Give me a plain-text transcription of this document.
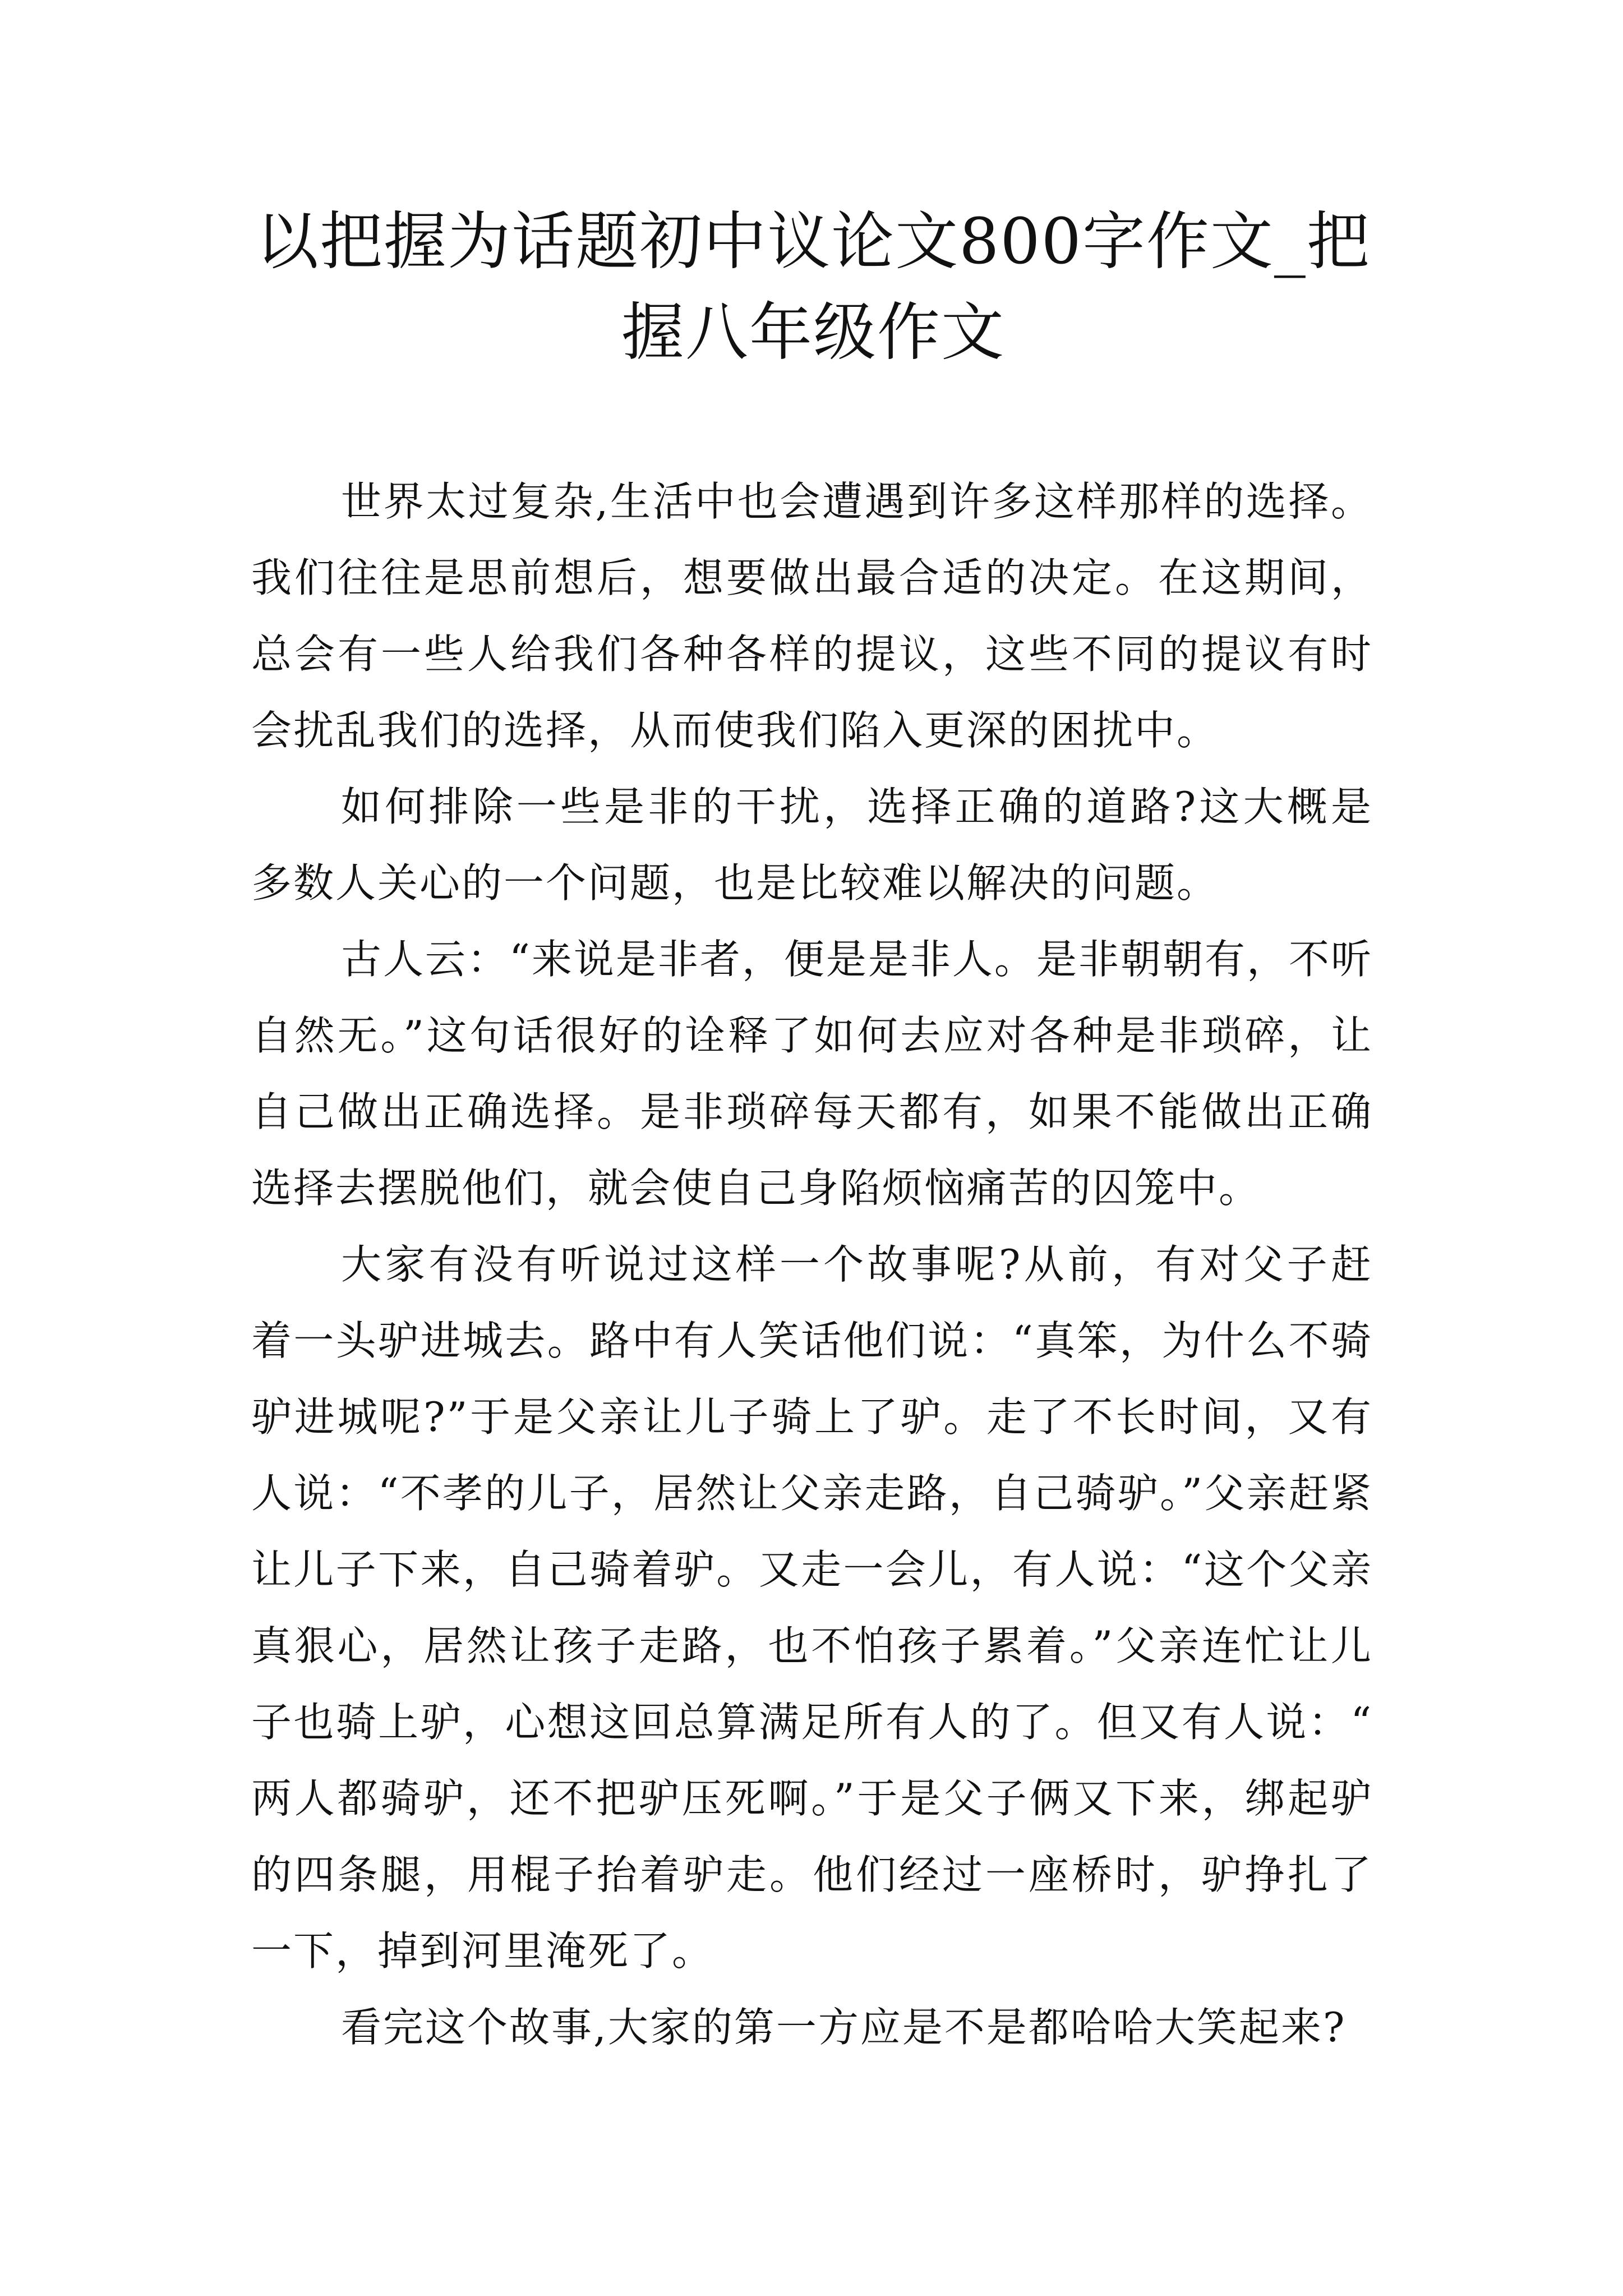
以把握为话题初中议论文800字作文_把握八年级作文

世界太过复杂,生活中也会遭遇到许多这样那样的选择。我们往往是思前想后，想要做出最合适的决定。在这期间，总会有一些人给我们各种各样的提议，这些不同的提议有时会扰乱我们的选择，从而使我们陷入更深的困扰中。

如何排除一些是非的干扰，选择正确的道路?这大概是多数人关心的一个问题，也是比较难以解决的问题。

古人云：“来说是非者，便是是非人。是非朝朝有，不听自然无。”这句话很好的诠释了如何去应对各种是非琐碎，让自己做出正确选择。是非琐碎每天都有，如果不能做出正确选择去摆脱他们，就会使自己身陷烦恼痛苦的囚笼中。

大家有没有听说过这样一个故事呢?从前，有对父子赶着一头驴进城去。路中有人笑话他们说：“真笨，为什么不骑驴进城呢?”于是父亲让儿子骑上了驴。走了不长时间，又有人说：“不孝的儿子，居然让父亲走路，自己骑驴。”父亲赶紧让儿子下来，自己骑着驴。又走一会儿，有人说：“这个父亲真狠心，居然让孩子走路，也不怕孩子累着。”父亲连忙让儿子也骑上驴，心想这回总算满足所有人的了。但又有人说：“两人都骑驴，还不把驴压死啊。”于是父子俩又下来，绑起驴的四条腿，用棍子抬着驴走。他们经过一座桥时，驴挣扎了一下，掉到河里淹死了。

看完这个故事,大家的第一方应是不是都哈哈大笑起来?
